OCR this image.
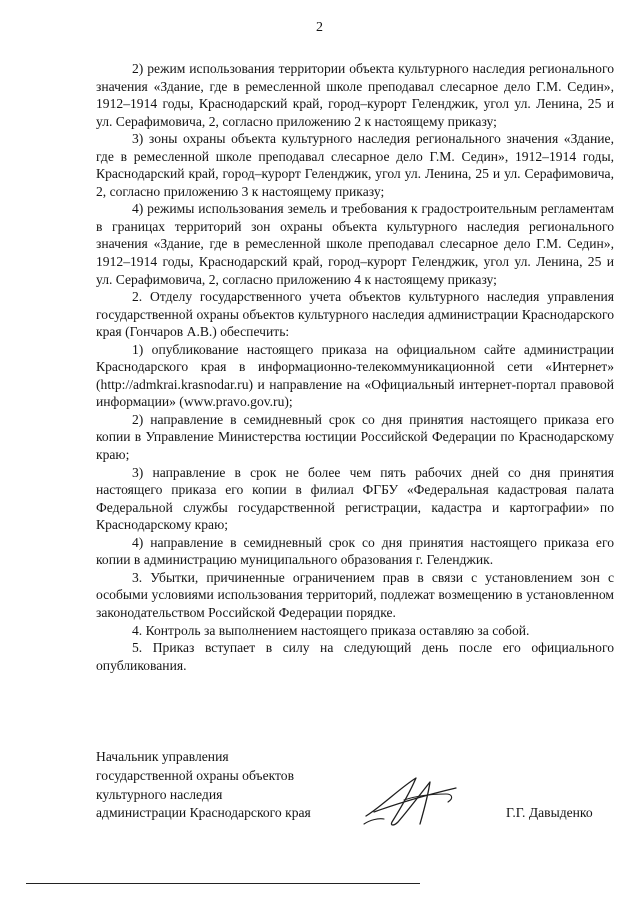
2

2) режим использования территории объекта культурного наследия регионального значения «Здание, где в ремесленной школе преподавал слесарное дело Г.М. Седин», 1912–1914 годы, Краснодарский край, город–курорт Геленджик, угол ул. Ленина, 25 и ул. Серафимовича, 2, согласно приложению 2 к настоящему приказу;

3) зоны охраны объекта культурного наследия регионального значения «Здание, где в ремесленной школе преподавал слесарное дело Г.М. Седин», 1912–1914 годы, Краснодарский край, город–курорт Геленджик, угол ул. Ленина, 25 и ул. Серафимовича, 2, согласно приложению 3 к настоящему приказу;

4) режимы использования земель и требования к градостроительным регламентам в границах территорий зон охраны объекта культурного наследия регионального значения «Здание, где в ремесленной школе преподавал слесарное дело Г.М. Седин», 1912–1914 годы, Краснодарский край, город–курорт Геленджик, угол ул. Ленина, 25 и ул. Серафимовича, 2, согласно приложению 4 к настоящему приказу;

2. Отделу государственного учета объектов культурного наследия управления государственной охраны объектов культурного наследия администрации Краснодарского края (Гончаров А.В.) обеспечить:

1) опубликование настоящего приказа на официальном сайте администрации Краснодарского края в информационно-телекоммуникационной сети «Интернет» (http://admkrai.krasnodar.ru) и направление на «Официальный интернет-портал правовой информации» (www.pravo.gov.ru);

2) направление в семидневный срок со дня принятия настоящего приказа его копии в Управление Министерства юстиции Российской Федерации по Краснодарскому краю;

3) направление в срок не более чем пять рабочих дней со дня принятия настоящего приказа его копии в филиал ФГБУ «Федеральная кадастровая палата Федеральной службы государственной регистрации, кадастра и картографии» по Краснодарскому краю;

4) направление в семидневный срок со дня принятия настоящего приказа его копии в администрацию муниципального образования г. Геленджик.

3. Убытки, причиненные ограничением прав в связи с установлением зон с особыми условиями использования территорий, подлежат возмещению в установленном законодательством Российской Федерации порядке.

4. Контроль за выполнением настоящего приказа оставляю за собой.

5. Приказ вступает в силу на следующий день после его официального опубликования.

Начальник управления
государственной охраны объектов
культурного наследия
администрации Краснодарского края	Г.Г. Давыденко
